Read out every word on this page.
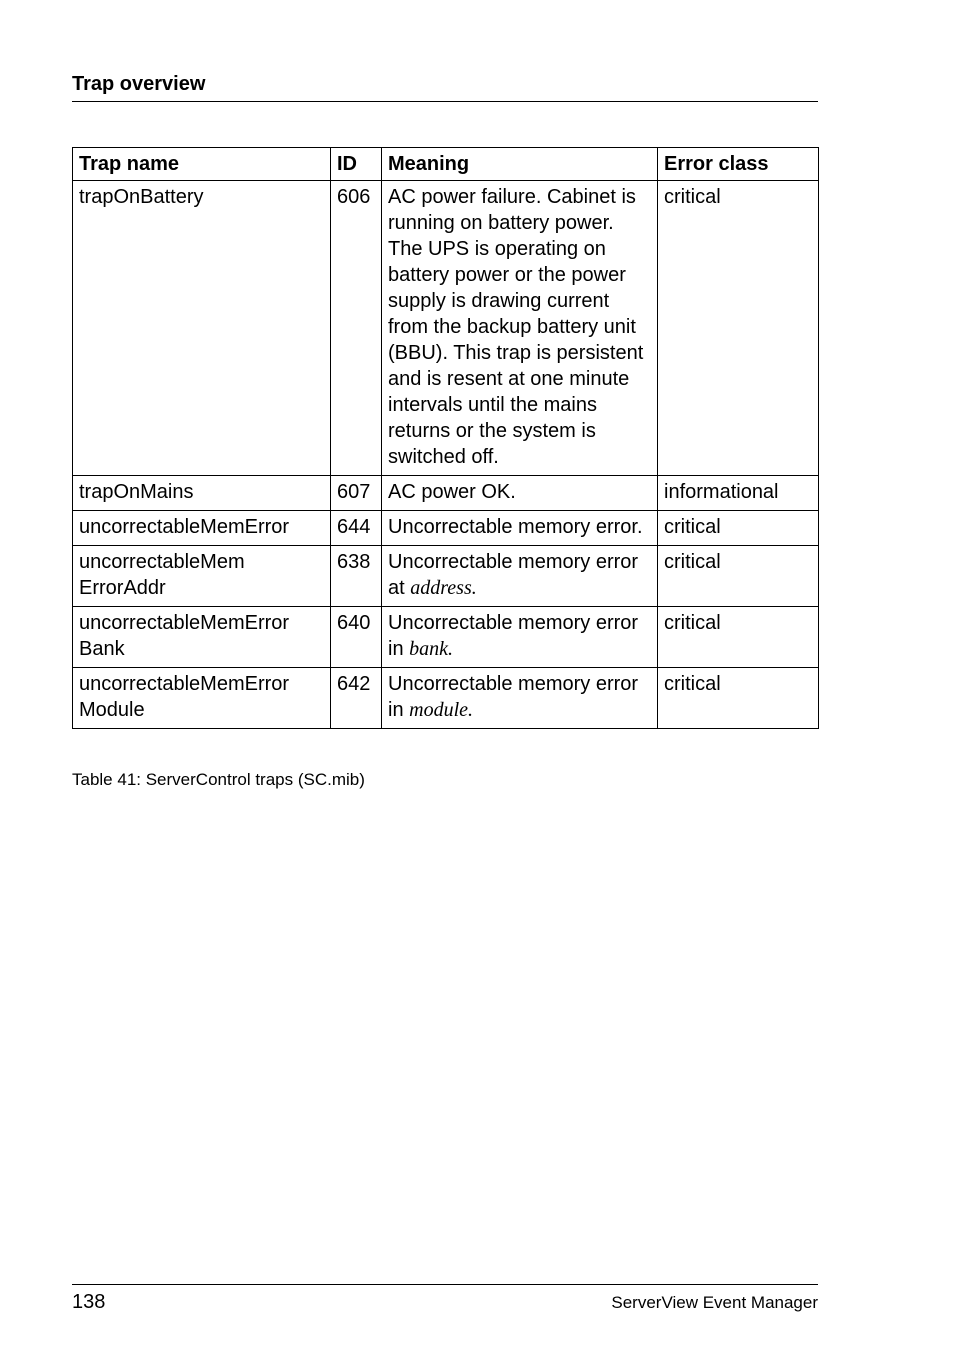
Trap overview
Trap name	ID	Meaning	Error class
trapOnBattery	606	AC power failure. Cabinet is running on battery power. The UPS is operating on battery power or the power supply is drawing current from the backup battery unit (BBU). This trap is persistent and is resent at one minute intervals until the mains returns or the system is switched off.	critical
trapOnMains	607	AC power OK.	informational
uncorrectableMemError	644	Uncorrectable memory error.	critical
uncorrectableMem ErrorAddr	638	Uncorrectable memory error at address.	critical
uncorrectableMemError Bank	640	Uncorrectable memory error in bank.	critical
uncorrectableMemError Module	642	Uncorrectable memory error in module.	critical
Table 41: ServerControl traps (SC.mib)
138	ServerView Event Manager
